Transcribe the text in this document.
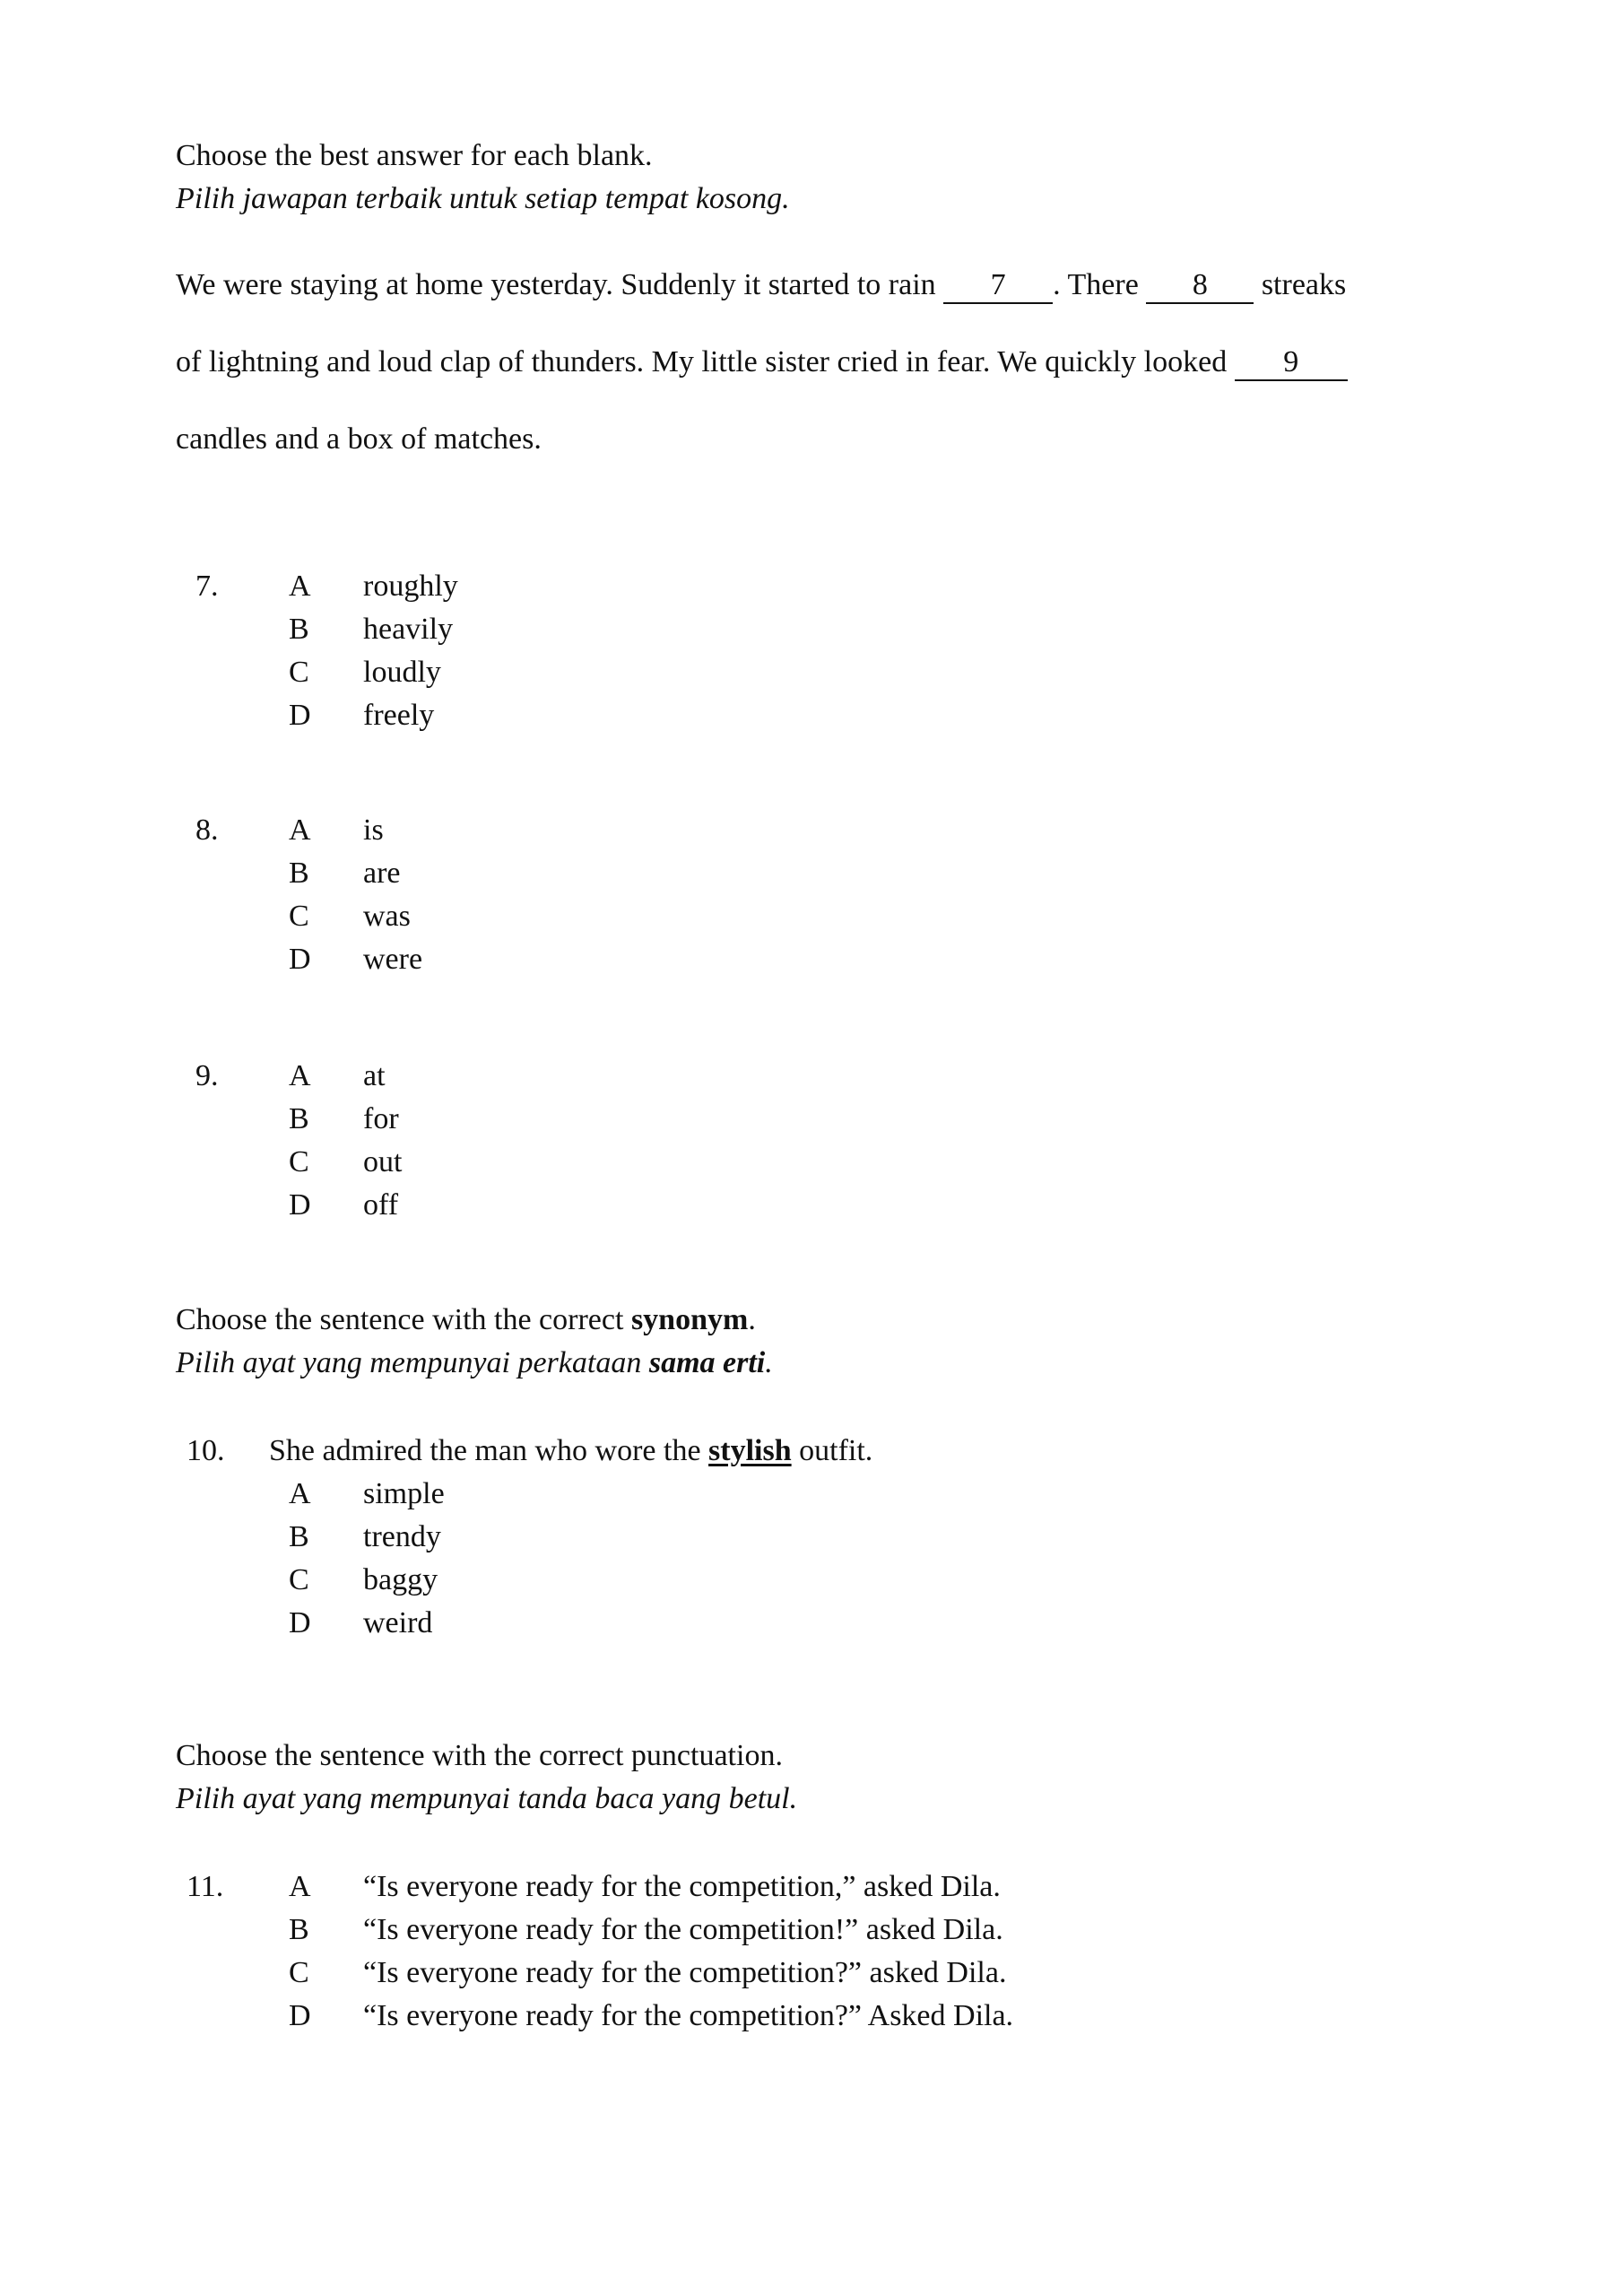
Choose the best answer for each blank.
Pilih jawapan terbaik untuk setiap tempat kosong.
We were staying at home yesterday. Suddenly it started to rain 7 . There 8 streaks
of lightning and loud clap of thunders. My little sister cried in fear. We quickly looked 9
candles and a box of matches.
7. A	roughly
B	heavily
C	loudly
D	freely
8. A	is
B	are
C	was
D	were
9. A	at
B	for
C	out
D	off
Choose the sentence with the correct synonym.
Pilih ayat yang mempunyai perkataan sama erti.
10. She admired the man who wore the stylish outfit.
A	simple
B	trendy
C	baggy
D	weird
Choose the sentence with the correct punctuation.
Pilih ayat yang mempunyai tanda baca yang betul.
11. A	“Is everyone ready for the competition,” asked Dila.
B	“Is everyone ready for the competition!” asked Dila.
C	“Is everyone ready for the competition?” asked Dila.
D	“Is everyone ready for the competition?” Asked Dila.
